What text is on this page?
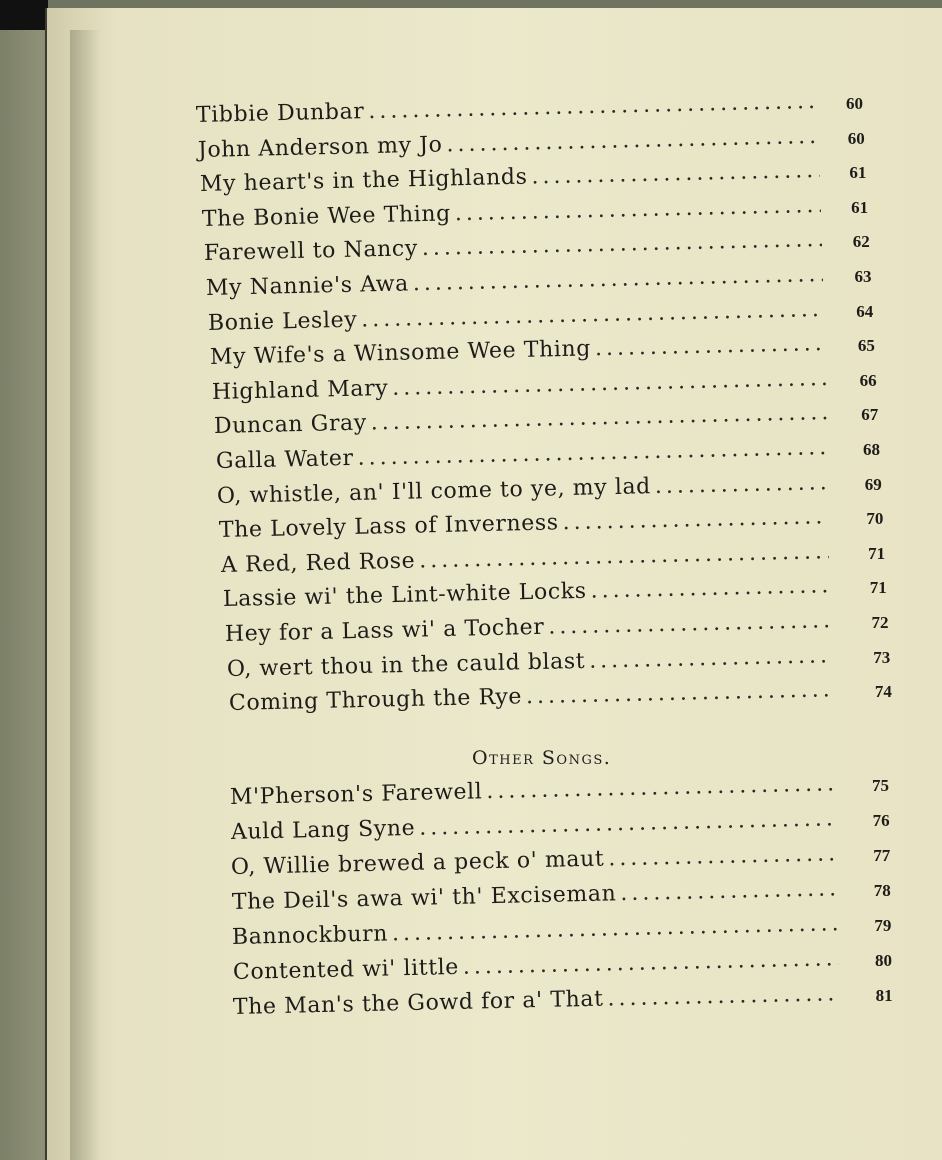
Tibbie Dunbar .....	60
John Anderson my Jo .....	60
My heart's in the Highlands .....	61
The Bonie Wee Thing .....	61
Farewell to Nancy .....	62
My Nannie's Awa .....	63
Bonie Lesley .....	64
My Wife's a Winsome Wee Thing .....	65
Highland Mary .....	66
Duncan Gray .....	67
Galla Water .....	68
O, whistle, an' I'll come to ye, my lad .....	69
The Lovely Lass of Inverness .....	70
A Red, Red Rose .....	71
Lassie wi' the Lint-white Locks .....	71
Hey for a Lass wi' a Tocher .....	72
O, wert thou in the cauld blast .....	73
Coming Through the Rye .....	74
M'Pherson's Farewell .....	75
Auld Lang Syne .....	76
O, Willie brewed a peck o' maut .....	77
The Deil's awa wi' th' Exciseman .....	78
Bannockburn .....	79
Contented wi' little .....	80
The Man's the Gowd for a' That .....	81
Other Songs.
